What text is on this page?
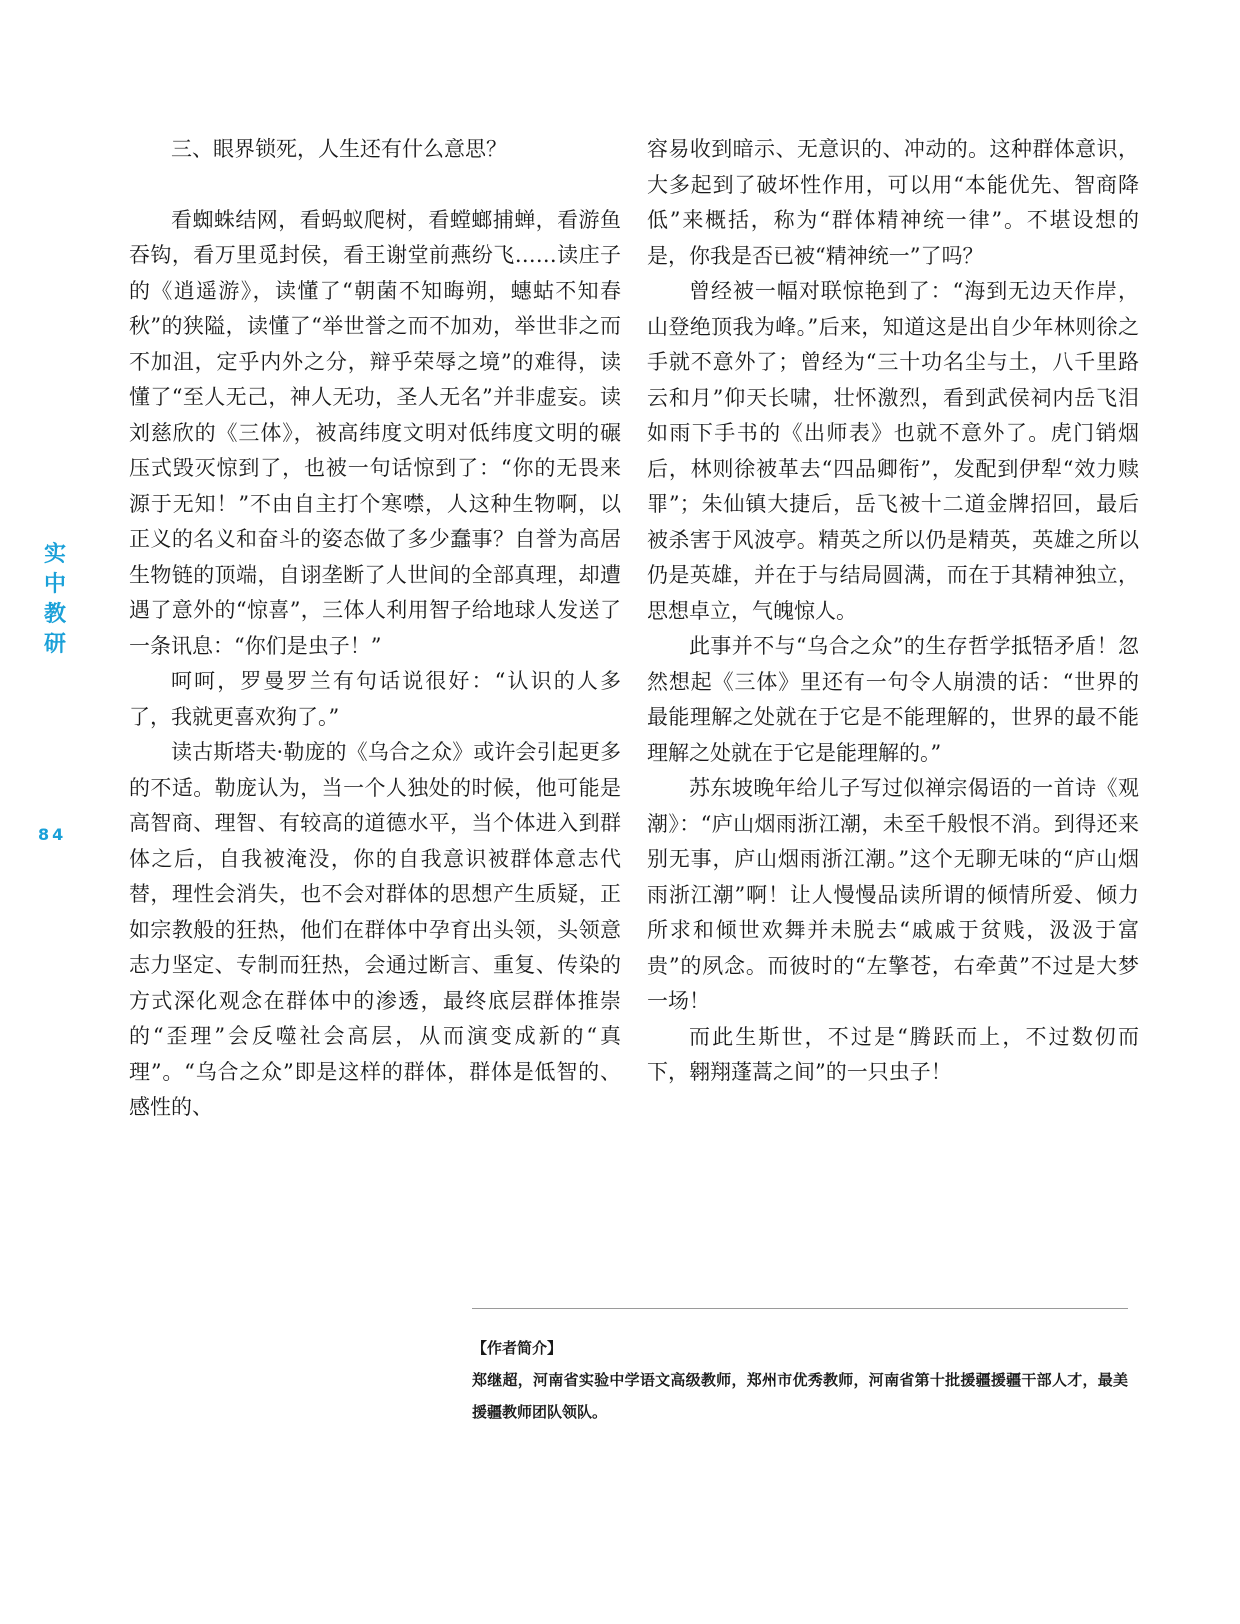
实
中
教
研
84
三、眼界锁死，人生还有什么意思？

看蜘蛛结网，看蚂蚁爬树，看螳螂捕蝉，看游鱼吞钩，看万里觅封侯，看王谢堂前燕纷飞……读庄子的《逍遥游》，读懂了“朝菌不知晦朔，蟪蛄不知春秋”的狭隘，读懂了“举世誉之而不加劝，举世非之而不加沮，定乎内外之分，辩乎荣辱之境”的难得，读懂了“至人无己，神人无功，圣人无名”并非虚妄。读刘慈欣的《三体》，被高纬度文明对低纬度文明的碾压式毁灭惊到了，也被一句话惊到了：“你的无畏来源于无知！”不由自主打个寒噤，人这种生物啊，以正义的名义和奋斗的姿态做了多少蠢事？自誉为高居生物链的顶端，自诩垄断了人世间的全部真理，却遭遇了意外的“惊喜”，三体人利用智子给地球人发送了一条讯息：“你们是虫子！”

呵呵，罗曼罗兰有句话说很好：“认识的人多了，我就更喜欢狗了。”

读古斯塔夫·勒庞的《乌合之众》或许会引起更多的不适。勒庞认为，当一个人独处的时候，他可能是高智商、理智、有较高的道德水平，当个体进入到群体之后，自我被淹没，你的自我意识被群体意志代替，理性会消失，也不会对群体的思想产生质疑，正如宗教般的狂热，他们在群体中孕育出头领，头领意志力坚定、专制而狂热，会通过断言、重复、传染的方式深化观念在群体中的渗透，最终底层群体推崇的“歪理”会反噬社会高层，从而演变成新的“真理”。“乌合之众”即是这样的群体，群体是低智的、感性的、

容易收到暗示、无意识的、冲动的。这种群体意识，大多起到了破坏性作用，可以用“本能优先、智商降低”来概括，称为“群体精神统一律”。不堪设想的是，你我是否已被“精神统一”了吗？

曾经被一幅对联惊艳到了：“海到无边天作岸，山登绝顶我为峰。”后来，知道这是出自少年林则徐之手就不意外了；曾经为“三十功名尘与土，八千里路云和月”仰天长啸，壮怀激烈，看到武侯祠内岳飞泪如雨下手书的《出师表》也就不意外了。虎门销烟后，林则徐被革去“四品卿衔”，发配到伊犁“效力赎罪”；朱仙镇大捷后，岳飞被十二道金牌招回，最后被杀害于风波亭。精英之所以仍是精英，英雄之所以仍是英雄，并在于与结局圆满，而在于其精神独立，思想卓立，气魄惊人。

此事并不与“乌合之众”的生存哲学抵牾矛盾！忽然想起《三体》里还有一句令人崩溃的话：“世界的最能理解之处就在于它是不能理解的，世界的最不能理解之处就在于它是能理解的。”

苏东坡晚年给儿子写过似禅宗偈语的一首诗《观潮》：“庐山烟雨浙江潮，未至千般恨不消。到得还来别无事，庐山烟雨浙江潮。”这个无聊无味的“庐山烟雨浙江潮”啊！让人慢慢品读所谓的倾情所爱、倾力所求和倾世欢舞并未脱去“戚戚于贫贱，汲汲于富贵”的夙念。而彼时的“左擎苍，右牵黄”不过是大梦一场！

而此生斯世，不过是“腾跃而上，不过数仞而下，翱翔蓬蒿之间”的一只虫子！

【作者简介】
郑继超，河南省实验中学语文高级教师，郑州市优秀教师，河南省第十批援疆援疆干部人才，最美援疆教师团队领队。
